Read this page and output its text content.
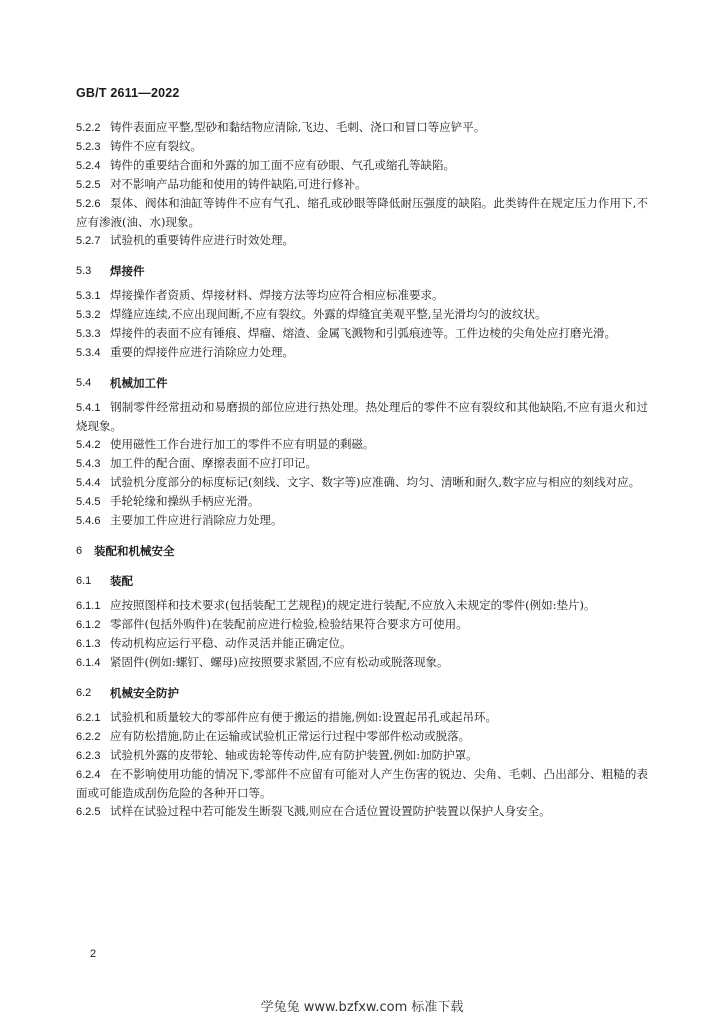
GB/T 2611—2022
5.2.2 铸件表面应平整,型砂和黏结物应清除,飞边、毛刺、浇口和冒口等应铲平。
5.2.3 铸件不应有裂纹。
5.2.4 铸件的重要结合面和外露的加工面不应有砂眼、气孔或缩孔等缺陷。
5.2.5 对不影响产品功能和使用的铸件缺陷,可进行修补。
5.2.6 泵体、阀体和油缸等铸件不应有气孔、缩孔或砂眼等降低耐压强度的缺陷。此类铸件在规定压力作用下,不应有渗液(油、水)现象。
5.2.7 试验机的重要铸件应进行时效处理。
5.3	焊接件
5.3.1 焊接操作者资质、焊接材料、焊接方法等均应符合相应标准要求。
5.3.2 焊缝应连续,不应出现间断,不应有裂纹。外露的焊缝宜美观平整,呈光滑均匀的波纹状。
5.3.3 焊接件的表面不应有锤痕、焊瘤、熔渣、金属飞溅物和引弧痕迹等。工件边棱的尖角处应打磨光滑。
5.3.4 重要的焊接件应进行消除应力处理。
5.4	机械加工件
5.4.1 钢制零件经常扭动和易磨损的部位应进行热处理。热处理后的零件不应有裂纹和其他缺陷,不应有退火和过烧现象。
5.4.2 使用磁性工作台进行加工的零件不应有明显的剩磁。
5.4.3 加工件的配合面、摩擦表面不应打印记。
5.4.4 试验机分度部分的标度标记(刻线、文字、数字等)应准确、均匀、清晰和耐久,数字应与相应的刻线对应。
5.4.5 手轮轮缘和操纵手柄应光滑。
5.4.6 主要加工件应进行消除应力处理。
6	装配和机械安全
6.1	装配
6.1.1 应按照图样和技术要求(包括装配工艺规程)的规定进行装配,不应放入未规定的零件(例如:垫片)。
6.1.2 零部件(包括外购件)在装配前应进行检验,检验结果符合要求方可使用。
6.1.3 传动机构应运行平稳、动作灵活并能正确定位。
6.1.4 紧固件(例如:螺钉、螺母)应按照要求紧固,不应有松动或脱落现象。
6.2	机械安全防护
6.2.1 试验机和质量较大的零部件应有便于搬运的措施,例如:设置起吊孔或起吊环。
6.2.2 应有防松措施,防止在运输或试验机正常运行过程中零部件松动或脱落。
6.2.3 试验机外露的皮带轮、轴或齿轮等传动件,应有防护装置,例如:加防护罩。
6.2.4 在不影响使用功能的情况下,零部件不应留有可能对人产生伤害的锐边、尖角、毛刺、凸出部分、粗糙的表面或可能造成刮伤危险的各种开口等。
6.2.5 试样在试验过程中若可能发生断裂飞溅,则应在合适位置设置防护装置以保护人身安全。
2
学兔兔 www.bzfxw.com 标准下载
